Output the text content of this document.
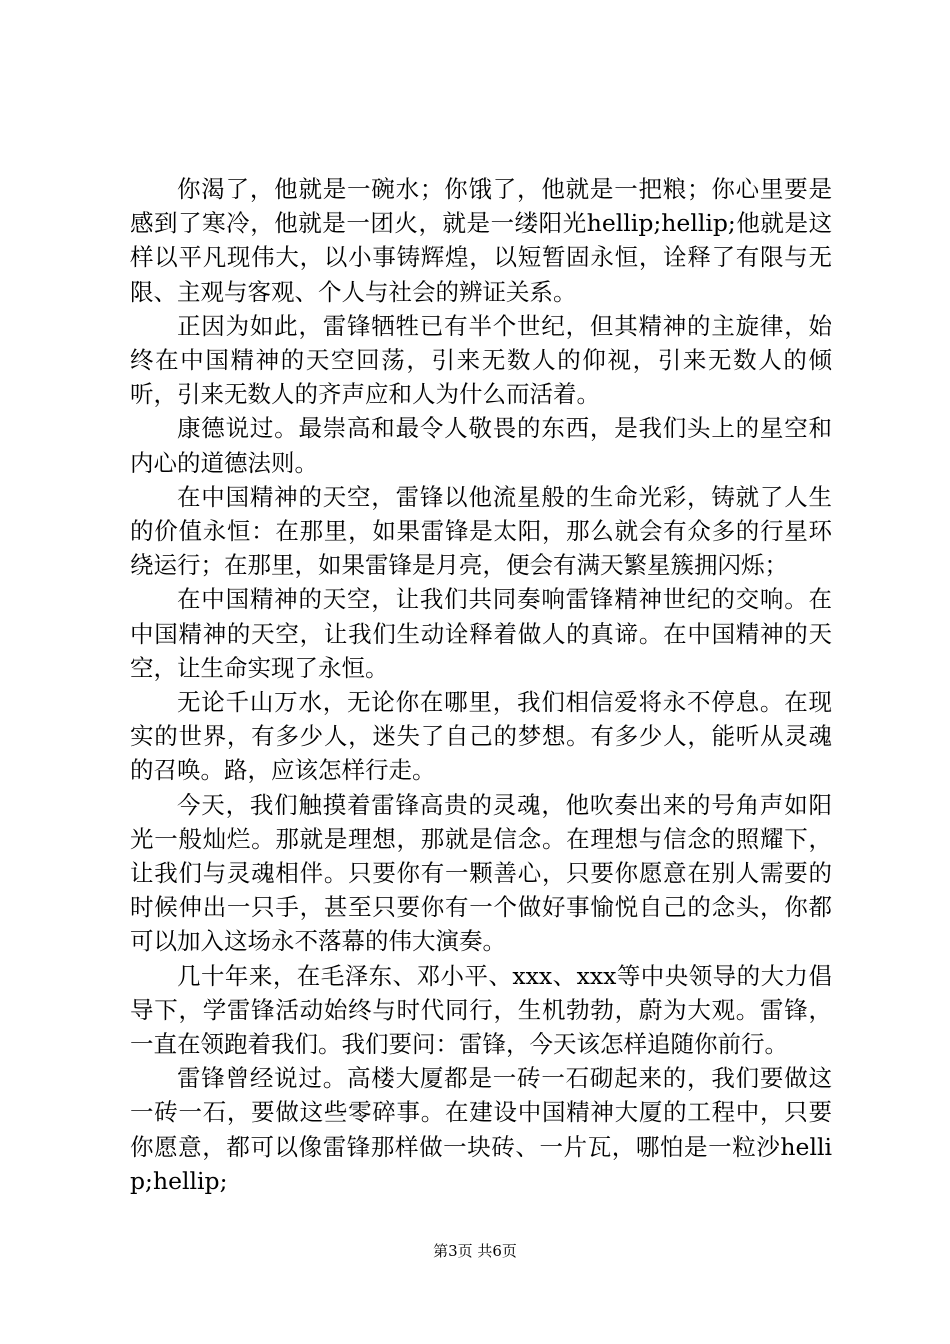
你渴了，他就是一碗水；你饿了，他就是一把粮；你心里要是感到了寒冷，他就是一团火，就是一缕阳光hellip;hellip;他就是这样以平凡现伟大，以小事铸辉煌，以短暂固永恒，诠释了有限与无限、主观与客观、个人与社会的辨证关系。

正因为如此，雷锋牺牲已有半个世纪，但其精神的主旋律，始终在中国精神的天空回荡，引来无数人的仰视，引来无数人的倾听，引来无数人的齐声应和人为什么而活着。

康德说过。最崇高和最令人敬畏的东西，是我们头上的星空和内心的道德法则。

在中国精神的天空，雷锋以他流星般的生命光彩，铸就了人生的价值永恒：在那里，如果雷锋是太阳，那么就会有众多的行星环绕运行；在那里，如果雷锋是月亮，便会有满天繁星簇拥闪烁；

在中国精神的天空，让我们共同奏响雷锋精神世纪的交响。在中国精神的天空，让我们生动诠释着做人的真谛。在中国精神的天空，让生命实现了永恒。

无论千山万水，无论你在哪里，我们相信爱将永不停息。在现实的世界，有多少人，迷失了自己的梦想。有多少人，能听从灵魂的召唤。路，应该怎样行走。

今天，我们触摸着雷锋高贵的灵魂，他吹奏出来的号角声如阳光一般灿烂。那就是理想，那就是信念。在理想与信念的照耀下，让我们与灵魂相伴。只要你有一颗善心，只要你愿意在别人需要的时候伸出一只手，甚至只要你有一个做好事愉悦自己的念头，你都可以加入这场永不落幕的伟大演奏。

几十年来，在毛泽东、邓小平、xxx、xxx等中央领导的大力倡导下，学雷锋活动始终与时代同行，生机勃勃，蔚为大观。雷锋，一直在领跑着我们。我们要问：雷锋，今天该怎样追随你前行。

雷锋曾经说过。高楼大厦都是一砖一石砌起来的，我们要做这一砖一石，要做这些零碎事。在建设中国精神大厦的工程中，只要你愿意，都可以像雷锋那样做一块砖、一片瓦，哪怕是一粒沙hellip;hellip;

第3页 共6页
